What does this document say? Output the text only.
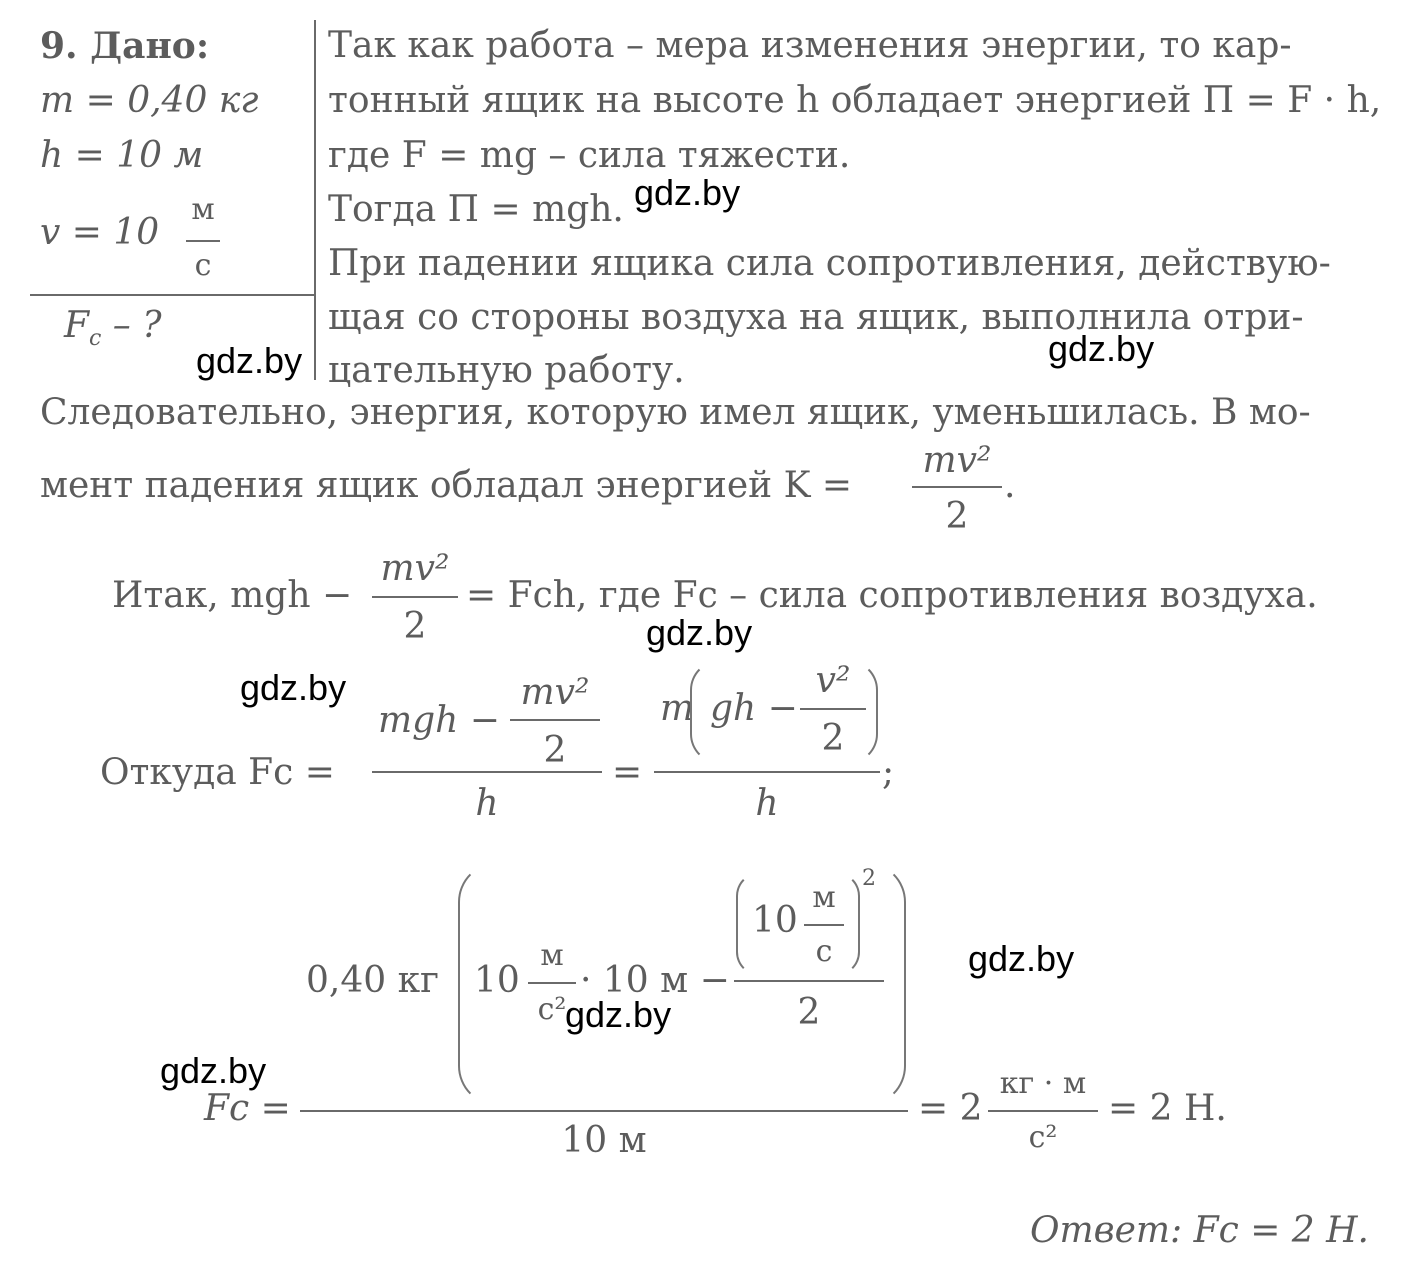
9. Дано:
m = 0,40 кг
h = 10 м
v = 10
м
с
$F_c$ – ?
Так как работа – мера изменения энергии, то кар-
тонный ящик на высоте h обладает энергией П = F · h,
где F = mg – сила тяжести.
Тогда П = mgh.
При падении ящика сила сопротивления, действую-
щая со стороны воздуха на ящик, выполнила отри-
цательную работу.
Следовательно, энергия, которую имел ящик, уменьшилась. В мо-
мент падения ящик обладал энергией K =
mv²
2
.
Итак, mgh −
mv²
2
= Fch, где Fc – сила сопротивления воздуха.
Откуда Fc =
mgh −
mv²
2
h
=
m gh −
v²
2
h
;
0,40 кг 10
м
с²
· 10 м −
10
м
с
2
2
Fc =
10 м
= 2
кг · м
с²
= 2 Н.
Ответ: Fc = 2 Н.
gdz.by
gdz.by	gdz.by
gdz.by
gdz.by
gdz.by
gdz.by
gdz.by
